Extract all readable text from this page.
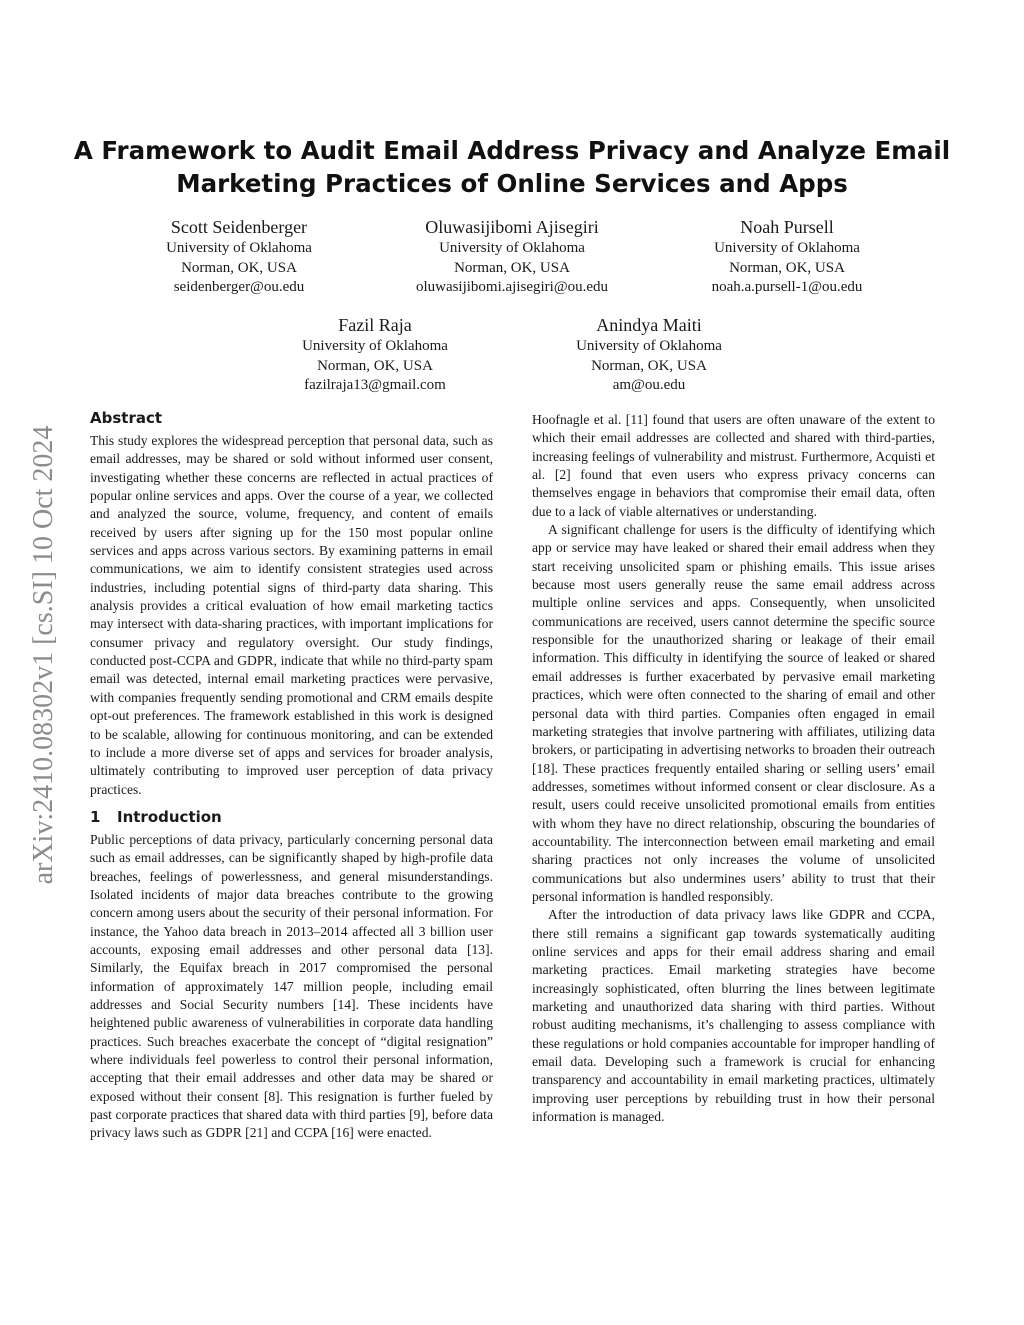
arXiv:2410.08302v1 [cs.SI] 10 Oct 2024
A Framework to Audit Email Address Privacy and Analyze Email
Marketing Practices of Online Services and Apps
Scott Seidenberger
University of Oklahoma
Norman, OK, USA
seidenberger@ou.edu
Oluwasijibomi Ajisegiri
University of Oklahoma
Norman, OK, USA
oluwasijibomi.ajisegiri@ou.edu
Noah Pursell
University of Oklahoma
Norman, OK, USA
noah.a.pursell-1@ou.edu
Fazil Raja
University of Oklahoma
Norman, OK, USA
fazilraja13@gmail.com
Anindya Maiti
University of Oklahoma
Norman, OK, USA
am@ou.edu
Abstract

This study explores the widespread perception that personal data, such as email addresses, may be shared or sold without informed user consent, investigating whether these concerns are reflected in actual practices of popular online services and apps. Over the course of a year, we collected and analyzed the source, volume, frequency, and content of emails received by users after signing up for the 150 most popular online services and apps across various sectors. By examining patterns in email communications, we aim to identify consistent strategies used across industries, including potential signs of third-party data sharing. This analysis provides a critical evaluation of how email marketing tactics may intersect with data-sharing practices, with important implications for consumer privacy and regulatory oversight. Our study findings, conducted post-CCPA and GDPR, indicate that while no third-party spam email was detected, internal email marketing practices were pervasive, with companies frequently sending promotional and CRM emails despite opt-out preferences. The framework established in this work is designed to be scalable, allowing for continuous monitoring, and can be extended to include a more diverse set of apps and services for broader analysis, ultimately contributing to improved user perception of data privacy practices.

1 Introduction

Public perceptions of data privacy, particularly concerning personal data such as email addresses, can be significantly shaped by high-profile data breaches, feelings of powerlessness, and general misunderstandings. Isolated incidents of major data breaches contribute to the growing concern among users about the security of their personal information. For instance, the Yahoo data breach in 2013–2014 affected all 3 billion user accounts, exposing email addresses and other personal data [13]. Similarly, the Equifax breach in 2017 compromised the personal information of approximately 147 million people, including email addresses and Social Security numbers [14]. These incidents have heightened public awareness of vulnerabilities in corporate data handling practices. Such breaches exacerbate the concept of “digital resignation” where individuals feel powerless to control their personal information, accepting that their email addresses and other data may be shared or exposed without their consent [8]. This resignation is further fueled by past corporate practices that shared data with third parties [9], before data privacy laws such as GDPR [21] and CCPA [16] were enacted.

Hoofnagle et al. [11] found that users are often unaware of the extent to which their email addresses are collected and shared with third-parties, increasing feelings of vulnerability and mistrust. Furthermore, Acquisti et al. [2] found that even users who express privacy concerns can themselves engage in behaviors that compromise their email data, often due to a lack of viable alternatives or understanding.

A significant challenge for users is the difficulty of identifying which app or service may have leaked or shared their email address when they start receiving unsolicited spam or phishing emails. This issue arises because most users generally reuse the same email address across multiple online services and apps. Consequently, when unsolicited communications are received, users cannot determine the specific source responsible for the unauthorized sharing or leakage of their email information. This difficulty in identifying the source of leaked or shared email addresses is further exacerbated by pervasive email marketing practices, which were often connected to the sharing of email and other personal data with third parties. Companies often engaged in email marketing strategies that involve partnering with affiliates, utilizing data brokers, or participating in advertising networks to broaden their outreach [18]. These practices frequently entailed sharing or selling users’ email addresses, sometimes without informed consent or clear disclosure. As a result, users could receive unsolicited promotional emails from entities with whom they have no direct relationship, obscuring the boundaries of accountability. The interconnection between email marketing and email sharing practices not only increases the volume of unsolicited communications but also undermines users’ ability to trust that their personal information is handled responsibly.

After the introduction of data privacy laws like GDPR and CCPA, there still remains a significant gap towards systematically auditing online services and apps for their email address sharing and email marketing practices. Email marketing strategies have become increasingly sophisticated, often blurring the lines between legitimate marketing and unauthorized data sharing with third parties. Without robust auditing mechanisms, it’s challenging to assess compliance with these regulations or hold companies accountable for improper handling of email data. Developing such a framework is crucial for enhancing transparency and accountability in email marketing practices, ultimately improving user perceptions by rebuilding trust in how their personal information is managed.
